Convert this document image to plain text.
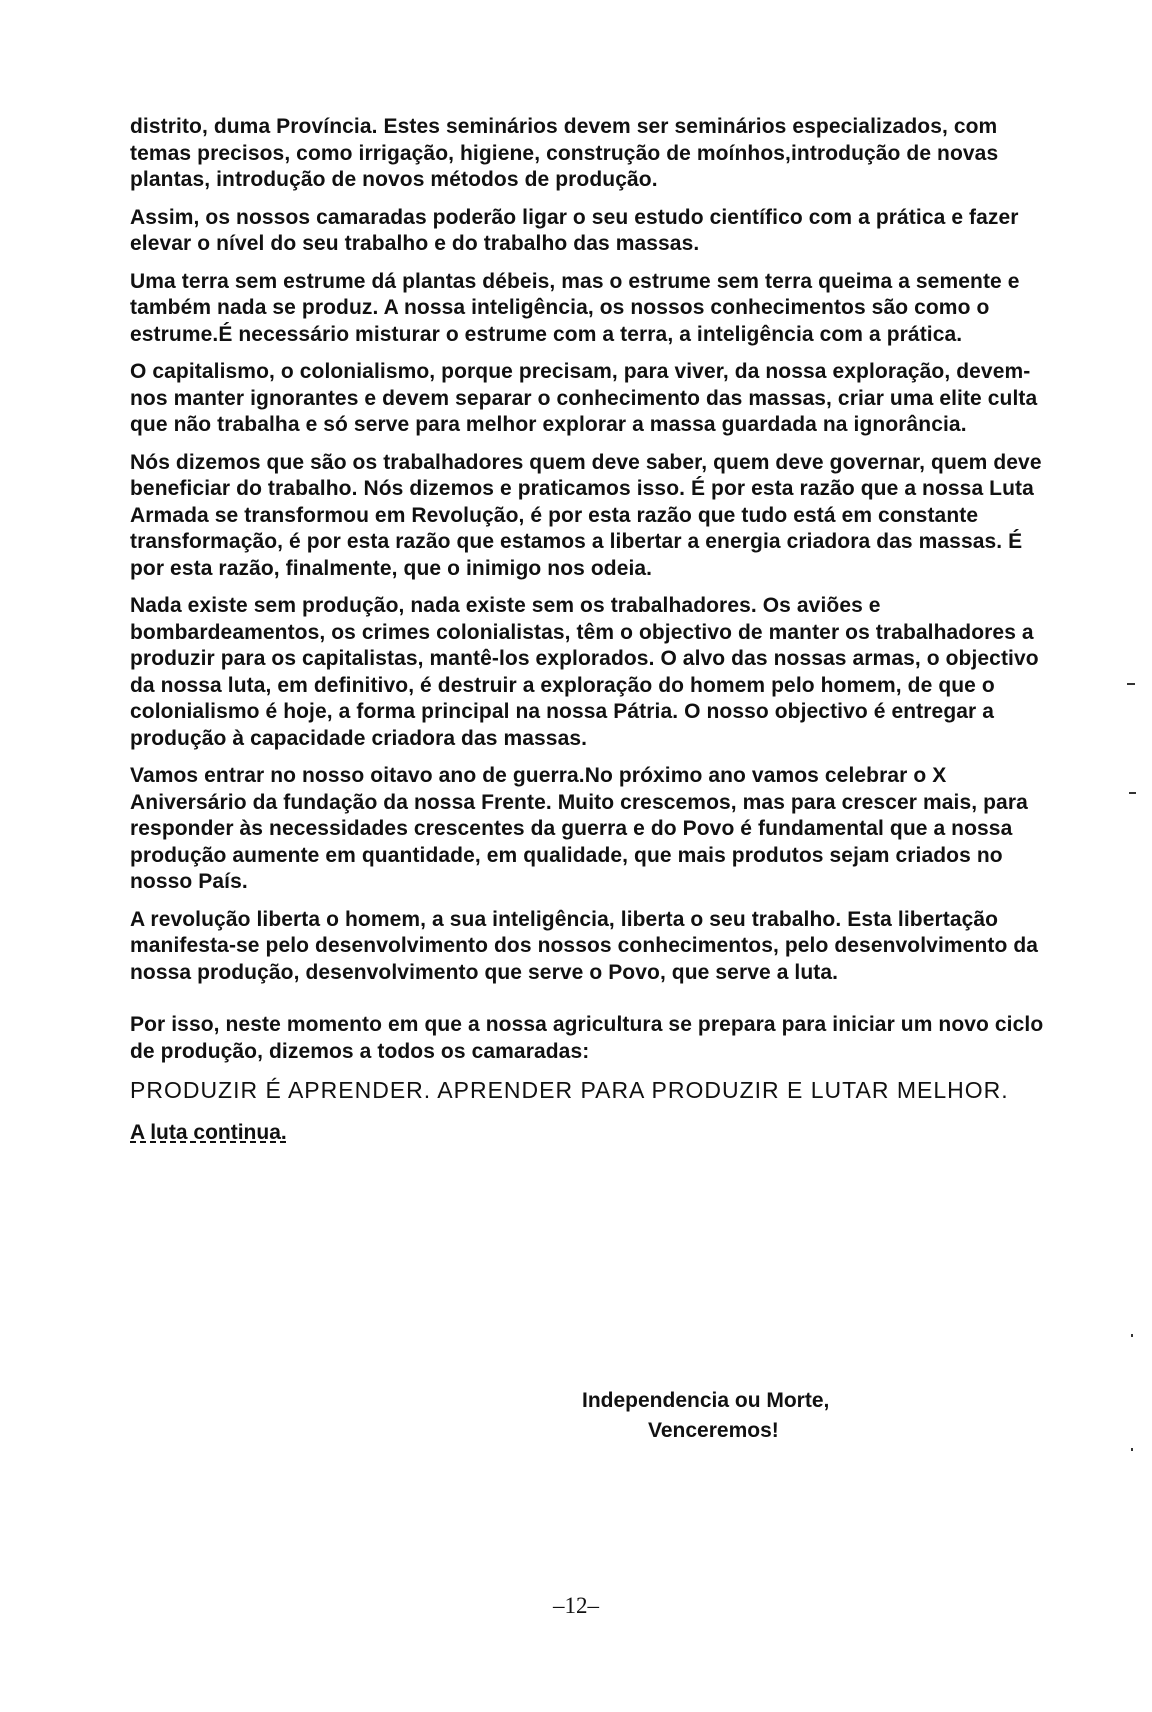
distrito, duma Província. Estes seminários devem ser seminários especializados, com temas precisos, como irrigação, higiene, construção de moínhos,introdução de novas plantas, introdução de novos métodos de produção.

Assim, os nossos camaradas poderão ligar o seu estudo científico com a prática e fazer elevar o nível do seu trabalho e do trabalho das massas.

Uma terra sem estrume dá plantas débeis, mas o estrume sem terra queima a semente e também nada se produz. A nossa inteligência, os nossos conhecimentos são como o estrume.É necessário misturar o estrume com a terra, a inteligência com a prática.

O capitalismo, o colonialismo, porque precisam, para viver, da nossa exploração, devem-nos manter ignorantes e devem separar o conhecimento das massas, criar uma elite culta que não trabalha e só serve para melhor explorar a massa guardada na ignorância.

Nós dizemos que são os trabalhadores quem deve saber, quem deve governar, quem deve beneficiar do trabalho. Nós dizemos e praticamos isso. É por esta razão que a nossa Luta Armada se transformou em Revolução, é por esta razão que tudo está em constante transformação, é por esta razão que estamos a libertar a energia criadora das massas. É por esta razão, finalmente, que o inimigo nos odeia.

Nada existe sem produção, nada existe sem os trabalhadores. Os aviões e bombardeamentos, os crimes colonialistas, têm o objectivo de manter os trabalhadores a produzir para os capitalistas, mantê-los explorados. O alvo das nossas armas, o objectivo da nossa luta, em definitivo, é destruir a exploração do homem pelo homem, de que o colonialismo é hoje, a forma principal na nossa Pátria. O nosso objectivo é entregar a produção à capacidade criadora das massas.

Vamos entrar no nosso oitavo ano de guerra.No próximo ano vamos celebrar o X Aniversário da fundação da nossa Frente. Muito crescemos, mas para crescer mais, para responder às necessidades crescentes da guerra e do Povo é fundamental que a nossa produção aumente em quantidade, em qualidade, que mais produtos sejam criados no nosso País.

A revolução liberta o homem, a sua inteligência, liberta o seu trabalho. Esta libertação manifesta-se pelo desenvolvimento dos nossos conhecimentos, pelo desenvolvimento da nossa produção, desenvolvimento que serve o Povo, que serve a luta.

Por isso, neste momento em que a nossa agricultura se prepara para iniciar um novo ciclo de produção, dizemos a todos os camaradas:

PRODUZIR É APRENDER. APRENDER PARA PRODUZIR E LUTAR MELHOR.

A luta continua.

Independencia ou Morte,
Venceremos!
–12–
